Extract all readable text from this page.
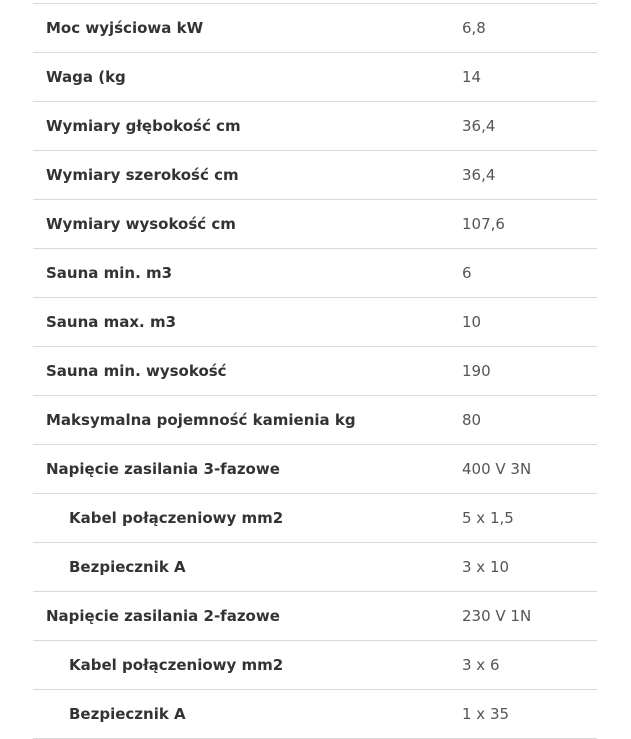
Moc wyjściowa kW	6,8
Waga (kg	14
Wymiary głębokość cm	36,4
Wymiary szerokość cm	36,4
Wymiary wysokość cm	107,6
Sauna min. m3	6
Sauna max. m3	10
Sauna min. wysokość	190
Maksymalna pojemność kamienia kg	80
Napięcie zasilania 3-fazowe	400 V 3N
Kabel połączeniowy mm2	5 x 1,5
Bezpiecznik A	3 x 10
Napięcie zasilania 2-fazowe	230 V 1N
Kabel połączeniowy mm2	3 x 6
Bezpiecznik A	1 x 35
